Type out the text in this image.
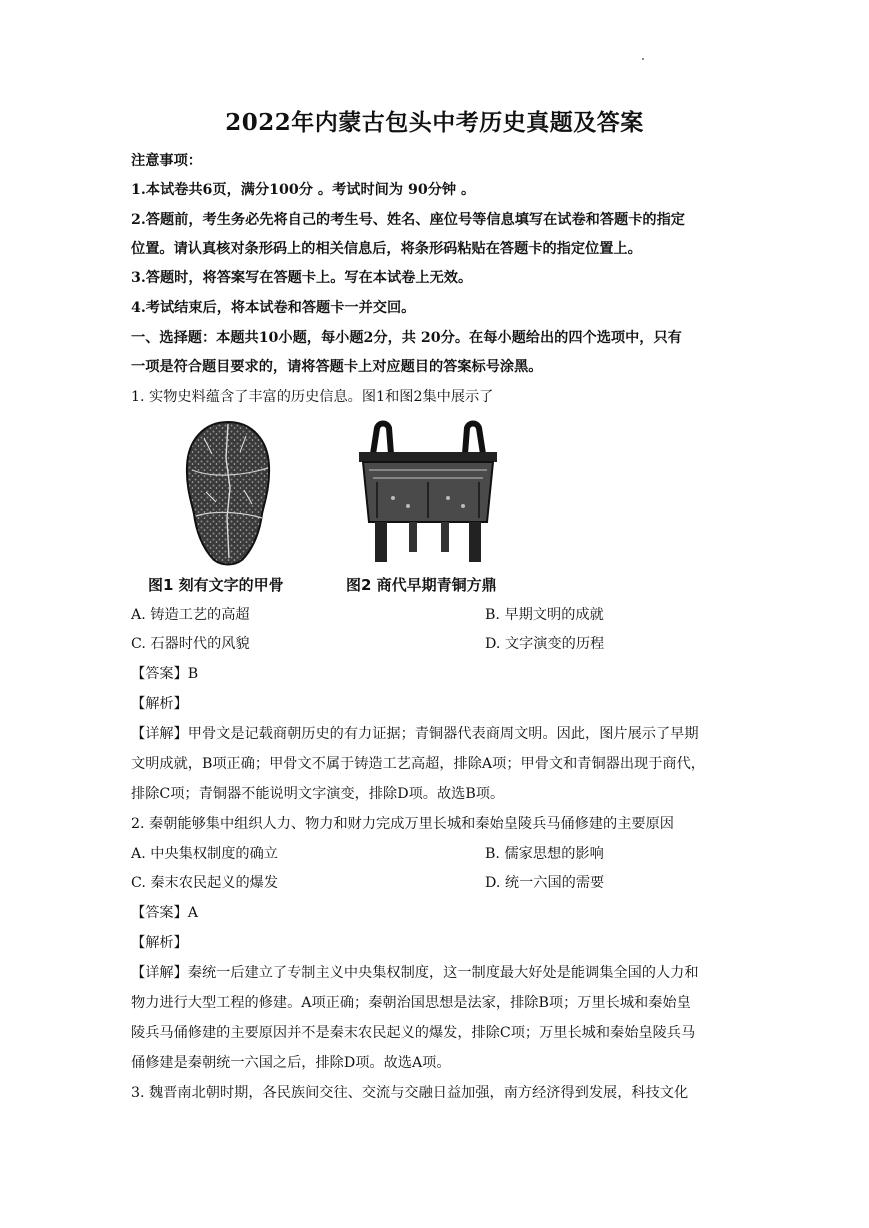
2022年内蒙古包头中考历史真题及答案
注意事项：
1.本试卷共6页，满分100分 。考试时间为 90分钟 。
2.答题前，考生务必先将自己的考生号、姓名、座位号等信息填写在试卷和答题卡的指定
位置。请认真核对条形码上的相关信息后，将条形码粘贴在答题卡的指定位置上。
3.答题时，将答案写在答题卡上。写在本试卷上无效。
4.考试结束后，将本试卷和答题卡一并交回。
一、选择题：本题共10小题，每小题2分，共 20分。在每小题给出的四个选项中，只有
一项是符合题目要求的，请将答题卡上对应题目的答案标号涂黑。
1. 实物史料蕴含了丰富的历史信息。图1和图2集中展示了
图1 刻有文字的甲骨	图2 商代早期青铜方鼎
A. 铸造工艺的高超	B. 早期文明的成就
C. 石器时代的风貌	D. 文字演变的历程
【答案】B
【解析】
【详解】甲骨文是记载商朝历史的有力证据；青铜器代表商周文明。因此，图片展示了早期
文明成就，B项正确；甲骨文不属于铸造工艺高超，排除A项；甲骨文和青铜器出现于商代，
排除C项；青铜器不能说明文字演变，排除D项。故选B项。
2. 秦朝能够集中组织人力、物力和财力完成万里长城和秦始皇陵兵马俑修建的主要原因
A. 中央集权制度的确立	B. 儒家思想的影响
C. 秦末农民起义的爆发	D. 统一六国的需要
【答案】A
【解析】
【详解】秦统一后建立了专制主义中央集权制度，这一制度最大好处是能调集全国的人力和
物力进行大型工程的修建。A项正确；秦朝治国思想是法家，排除B项；万里长城和秦始皇
陵兵马俑修建的主要原因并不是秦末农民起义的爆发，排除C项；万里长城和秦始皇陵兵马
俑修建是秦朝统一六国之后，排除D项。故选A项。
3. 魏晋南北朝时期，各民族间交往、交流与交融日益加强，南方经济得到发展，科技文化
